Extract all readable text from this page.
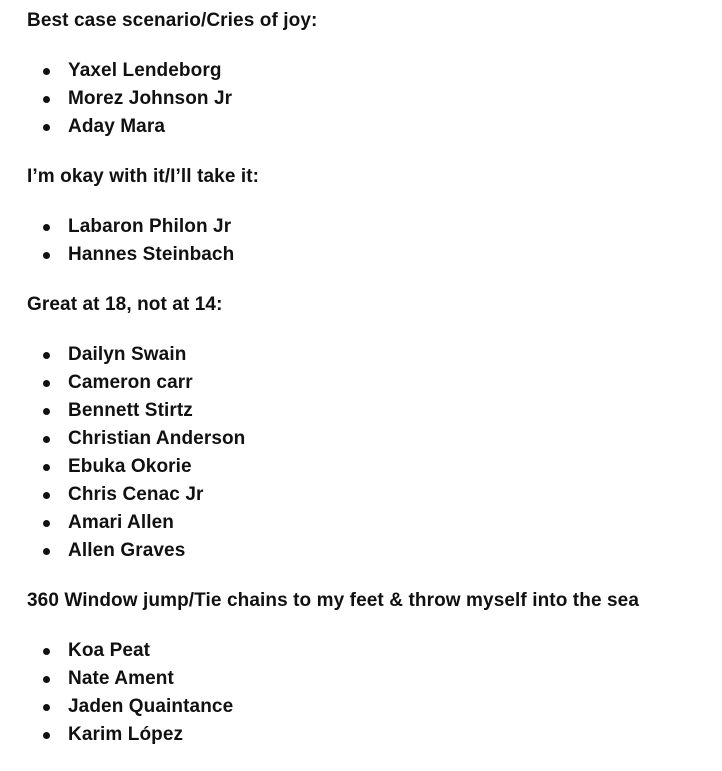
Best case scenario/Cries of joy:
Yaxel Lendeborg
Morez Johnson Jr
Aday Mara
I’m okay with it/I’ll take it:
Labaron Philon Jr
Hannes Steinbach
Great at 18, not at 14:
Dailyn Swain
Cameron carr
Bennett Stirtz
Christian Anderson
Ebuka Okorie
Chris Cenac Jr
Amari Allen
Allen Graves
360 Window jump/Tie chains to my feet & throw myself into the sea
Koa Peat
Nate Ament
Jaden Quaintance
Karim López
